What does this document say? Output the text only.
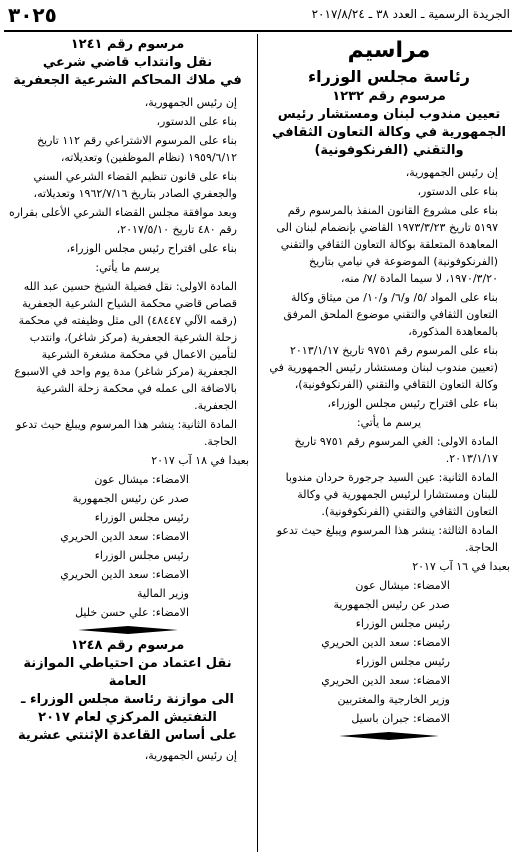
الجريدة الرسمية ـ العدد ٣٨ ـ ٢٠١٧/٨/٢٤
٣٠٢٥
مراسيم
رئاسة مجلس الوزراء
مرسوم رقم ١٢٣٢
تعيين مندوب لبنان ومستشار رئيس الجمهورية في وكالة التعاون الثقافي والتقني (الفرنكوفونية)
إن رئيس الجمهورية،
بناء على الدستور،
بناء على مشروع القانون المنفذ بالمرسوم رقم ٥١٩٧ تاريخ ١٩٧٣/٣/٢٣ القاضي بإنضمام لبنان الى المعاهدة المتعلقة بوكالة التعاون الثقافي والتقني (الفرنكوفونية) الموضوعة في نيامي بتاريخ ١٩٧٠/٣/٢٠، لا سيما المادة /٧/ منه،
بناء على المواد /٥/ و/٦/ و/١٠/ من ميثاق وكالة التعاون الثقافي والتقني موضوع الملحق المرفق بالمعاهدة المذكورة،
بناء على المرسوم رقم ٩٧٥١ تاريخ ٢٠١٣/١/١٧ (تعيين مندوب لبنان ومستشار رئيس الجمهورية في وكالة التعاون الثقافي والتقني (الفرنكوفونية)،
بناء على اقتراح رئيس مجلس الوزراء،
يرسم ما يأتي:
المادة الاولى: الغي المرسوم رقم ٩٧٥١ تاريخ ٢٠١٣/١/١٧.
المادة الثانية: عين السيد جرجورة حردان مندوبا للبنان ومستشارا لرئيس الجمهورية في وكالة التعاون الثقافي والتقني (الفرنكوفونية).
المادة الثالثة: ينشر هذا المرسوم ويبلغ حيث تدعو الحاجة.
بعبدا في ١٦ آب ٢٠١٧
الامضاء: ميشال عون
صدر عن رئيس الجمهورية
رئيس مجلس الوزراء
الامضاء: سعد الدين الحريري
رئيس مجلس الوزراء
الامضاء: سعد الدين الحريري
وزير الخارجية والمغتربين
الامضاء: جبران باسيل
مرسوم رقم ١٢٤١
نقل وانتداب قاضي شرعي
في ملاك المحاكم الشرعية الجعفرية
إن رئيس الجمهورية،
بناء على الدستور،
بناء على المرسوم الاشتراعي رقم ١١٢ تاريخ ١٩٥٩/٦/١٢ (نظام الموظفين) وتعديلاته،
بناء على قانون تنظيم القضاء الشرعي السني والجعفري الصادر بتاريخ ١٩٦٢/٧/١٦ وتعديلاته،
وبعد موافقة مجلس القضاء الشرعي الأعلى بقراره رقم ٤٨٠ تاريخ ٢٠١٧/٥/١٠،
بناء على اقتراح رئيس مجلس الوزراء،
يرسم ما يأتي:
المادة الاولى: نقل فضيلة الشيخ حسين عبد الله قصاص قاضي محكمة الشياح الشرعية الجعفرية (رقمه الآلي ٤٨٤٤٧) الى مثل وظيفته في محكمة زحلة الشرعية الجعفرية (مركز شاغر)، وانتدب لتأمين الاعمال في محكمة مشغرة الشرعية الجعفرية (مركز شاغر) مدة يوم واحد في الاسبوع بالاضافة الى عمله في محكمة زحلة الشرعية الجعفرية.
المادة الثانية: ينشر هذا المرسوم ويبلغ حيث تدعو الحاجة.
بعبدا في ١٨ آب ٢٠١٧
الامضاء: ميشال عون
صدر عن رئيس الجمهورية
رئيس مجلس الوزراء
الامضاء: سعد الدين الحريري
رئيس مجلس الوزراء
الامضاء: سعد الدين الحريري
وزير المالية
الامضاء: علي حسن خليل
مرسوم رقم ١٢٤٨
نقل اعتماد من احتياطي الموازنة العامة
الى موازنة رئاسة مجلس الوزراء ـ
التفتيش المركزي لعام ٢٠١٧
على أساس القاعدة الإثنتي عشرية
إن رئيس الجمهورية،
